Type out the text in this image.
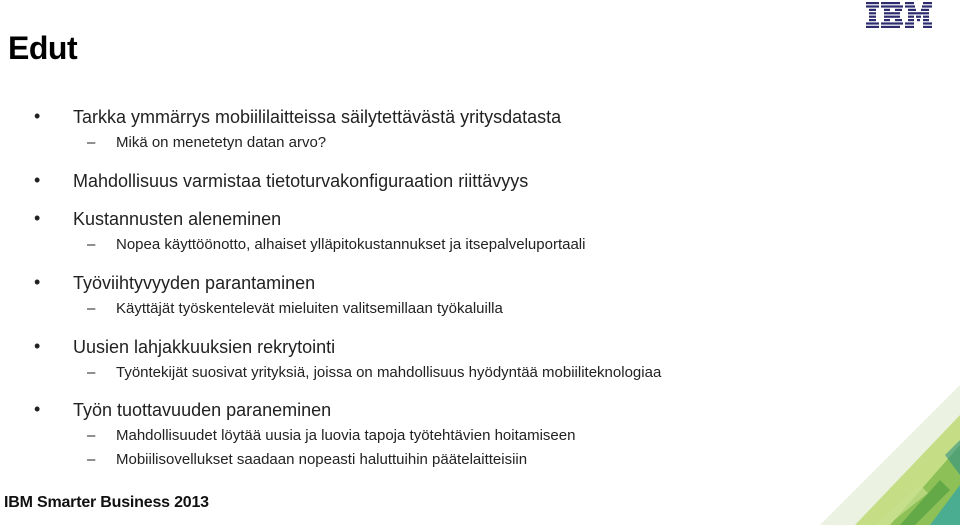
Edut
• Tarkka ymmärrys mobiililaitteissa säilytettävästä yritysdatasta
– Mikä on menetetyn datan arvo?
• Mahdollisuus varmistaa tietoturvakonfiguraation riittävyys
• Kustannusten aleneminen
– Nopea käyttöönotto, alhaiset ylläpitokustannukset ja itsepalveluportaali
• Työviihtyvyyden parantaminen
– Käyttäjät työskentelevät mieluiten valitsemillaan työkaluilla
• Uusien lahjakkuuksien rekrytointi
– Työntekijät suosivat yrityksiä, joissa on mahdollisuus hyödyntää mobiiliteknologiaa
• Työn tuottavuuden paraneminen
– Mahdollisuudet löytää uusia ja luovia tapoja työtehtävien hoitamiseen
– Mobiilisovellukset saadaan nopeasti haluttuihin päätelaitteisiin
IBM Smarter Business 2013
